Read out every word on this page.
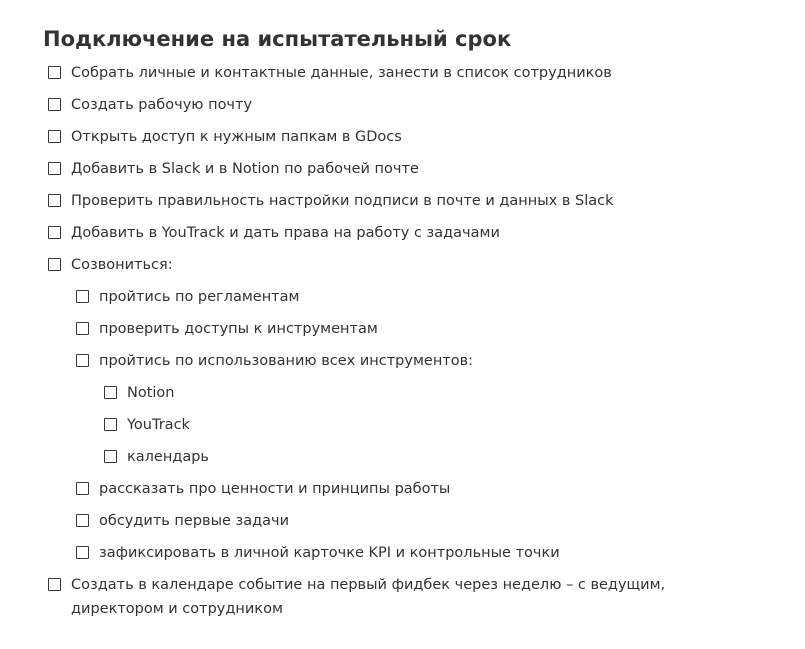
Подключение на испытательный срок
Собрать личные и контактные данные, занести в список сотрудников
Создать рабочую почту
Открыть доступ к нужным папкам в GDocs
Добавить в Slack и в Notion по рабочей почте
Проверить правильность настройки подписи в почте и данных в Slack
Добавить в YouTrack и дать права на работу с задачами
Созвониться:
пройтись по регламентам
проверить доступы к инструментам
пройтись по использованию всех инструментов:
Notion
YouTrack
календарь
рассказать про ценности и принципы работы
обсудить первые задачи
зафиксировать в личной карточке KPI и контрольные точки
Создать в календаре событие на первый фидбек через неделю – с ведущим, директором и сотрудником
